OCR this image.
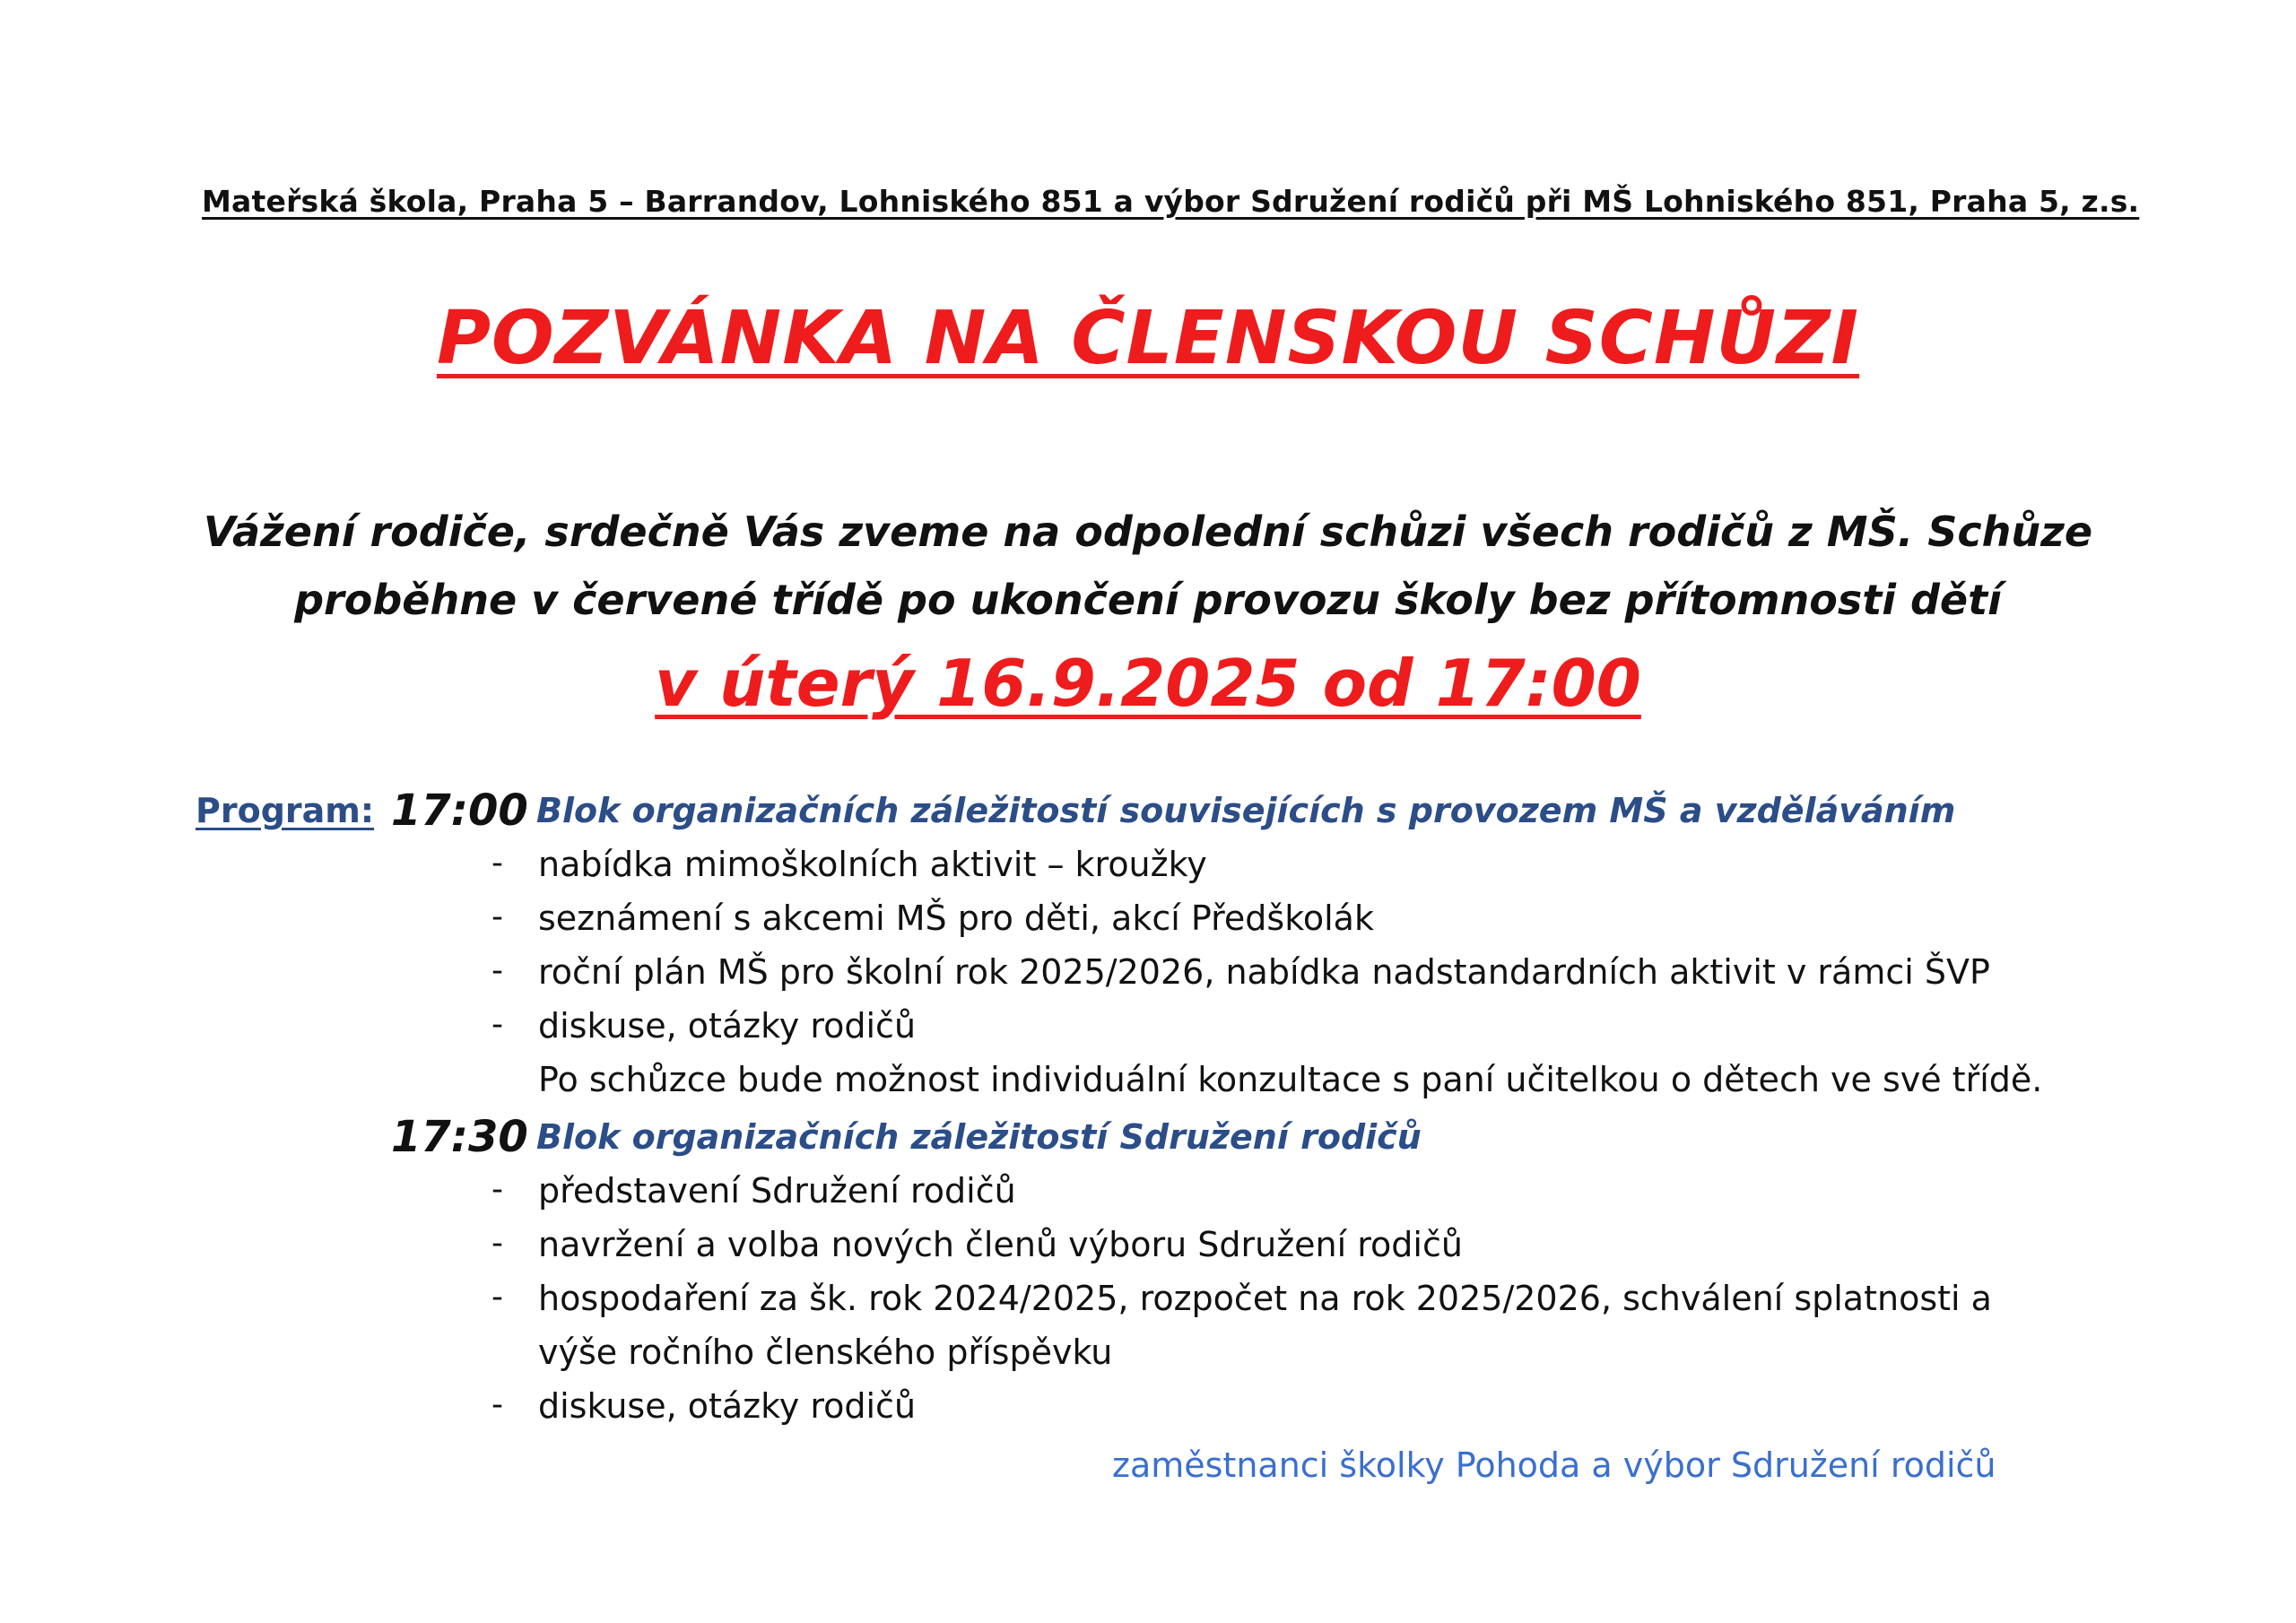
Mateřská škola, Praha 5 – Barrandov, Lohniského 851 a výbor Sdružení rodičů při MŠ Lohniského 851, Praha 5, z.s.
POZVÁNKA NA ČLENSKOU SCHŮZI
Vážení rodiče, srdečně Vás zveme na odpolední schůzi všech rodičů z MŠ. Schůze
proběhne v červené třídě po ukončení provozu školy bez přítomnosti dětí
v úterý 16.9.2025 od 17:00
Program: 17:00 Blok organizačních záležitostí souvisejících s provozem MŠ a vzděláváním
- nabídka mimoškolních aktivit – kroužky
- seznámení s akcemi MŠ pro děti, akcí Předškolák
- roční plán MŠ pro školní rok 2025/2026, nabídka nadstandardních aktivit v rámci ŠVP
- diskuse, otázky rodičů
Po schůzce bude možnost individuální konzultace s paní učitelkou o dětech ve své třídě.
17:30 Blok organizačních záležitostí Sdružení rodičů
- představení Sdružení rodičů
- navržení a volba nových členů výboru Sdružení rodičů
- hospodaření za šk. rok 2024/2025, rozpočet na rok 2025/2026, schválení splatnosti a
výše ročního členského příspěvku
- diskuse, otázky rodičů
zaměstnanci školky Pohoda a výbor Sdružení rodičů
